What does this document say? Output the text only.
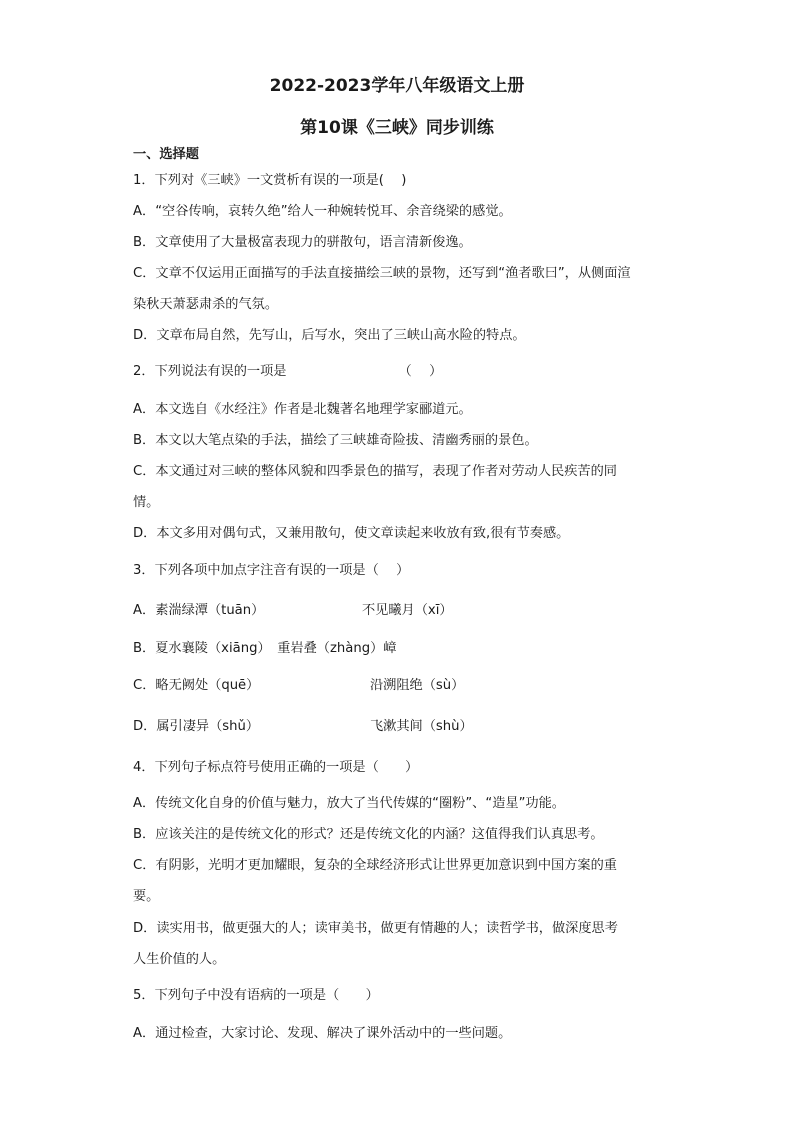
2022-2023学年八年级语文上册
第10课《三峡》同步训练
一、选择题
1．下列对《三峡》一文赏析有误的一项是(　 )
A．“空谷传响，哀转久绝”给人一种婉转悦耳、余音绕梁的感觉。
B．文章使用了大量极富表现力的骈散句，语言清新俊逸。
C．文章不仅运用正面描写的手法直接描绘三峡的景物，还写到“渔者歌曰”，从侧面渲
染秋天萧瑟肃杀的气氛。
D．文章布局自然，先写山，后写水，突出了三峡山高水险的特点。
2．下列说法有误的一项是　　　　　　　　　（　 ）
A．本文选自《水经注》作者是北魏著名地理学家郦道元。
B．本文以大笔点染的手法，描绘了三峡雄奇险拔、清幽秀丽的景色。
C．本文通过对三峡的整体风貌和四季景色的描写，表现了作者对劳动人民疾苦的同
情。
D．本文多用对偶句式，又兼用散句，使文章读起来收放有致,很有节奏感。
3．下列各项中加点字注音有误的一项是（　 ）
A．素湍绿潭（tuān）	不见曦月（xī）
B．夏水襄陵（xiāng）　重岩叠（zhàng）嶂
C．略无阙处（quē）	沿溯阻绝（sù）
D．属引凄异（shǔ）	飞漱其间（shù）
4．下列句子标点符号使用正确的一项是（　　）
A．传统文化自身的价值与魅力，放大了当代传媒的“圈粉”、“造星”功能。
B．应该关注的是传统文化的形式？还是传统文化的内涵？这值得我们认真思考。
C．有阴影，光明才更加耀眼，复杂的全球经济形式让世界更加意识到中国方案的重
要。
D．读实用书，做更强大的人；读审美书，做更有情趣的人；读哲学书，做深度思考
人生价值的人。
5．下列句子中没有语病的一项是（　　）
A．通过检查，大家讨论、发现、解决了课外活动中的一些问题。
